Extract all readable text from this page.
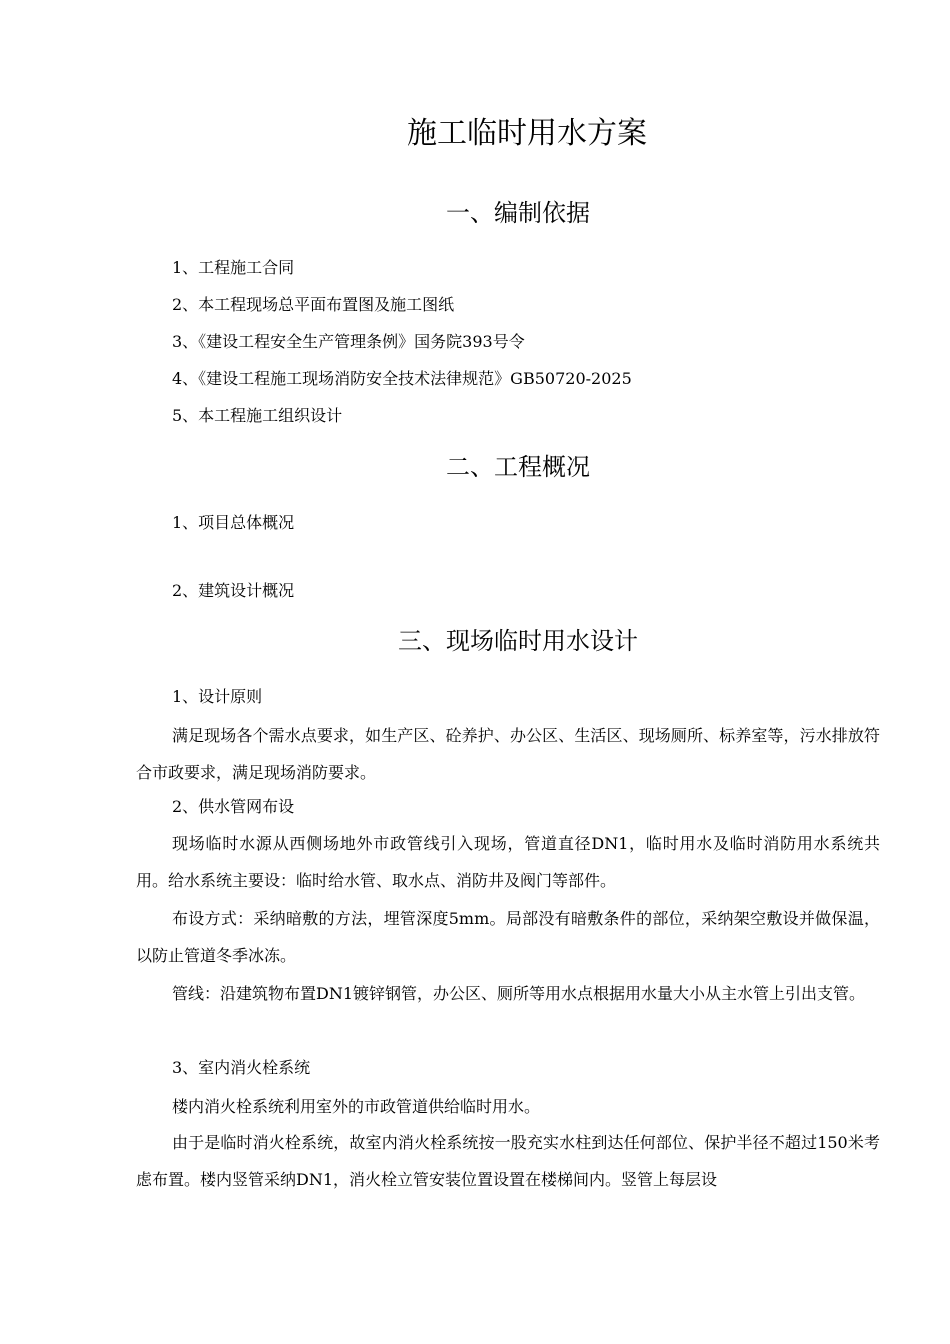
施工临时用水方案
一、编制依据

1、工程施工合同

2、本工程现场总平面布置图及施工图纸

3、《建设工程安全生产管理条例》国务院393号令

4、《建设工程施工现场消防安全技术法律规范》GB50720-2025

5、本工程施工组织设计

二、工程概况

1、项目总体概况

2、建筑设计概况

三、现场临时用水设计

1、设计原则

满足现场各个需水点要求，如生产区、砼养护、办公区、生活区、现场厕所、标养室等，污水排放符合市政要求，满足现场消防要求。

2、供水管网布设

现场临时水源从西侧场地外市政管线引入现场，管道直径DN1，临时用水及临时消防用水系统共用。给水系统主要设：临时给水管、取水点、消防井及阀门等部件。

布设方式：采纳暗敷的方法，埋管深度5mm。局部没有暗敷条件的部位，采纳架空敷设并做保温，以防止管道冬季冰冻。

管线：沿建筑物布置DN1镀锌钢管，办公区、厕所等用水点根据用水量大小从主水管上引出支管。

3、室内消火栓系统

楼内消火栓系统利用室外的市政管道供给临时用水。

由于是临时消火栓系统，故室内消火栓系统按一股充实水柱到达任何部位、保护半径不超过150米考虑布置。楼内竖管采纳DN1，消火栓立管安装位置设置在楼梯间内。竖管上每层设
